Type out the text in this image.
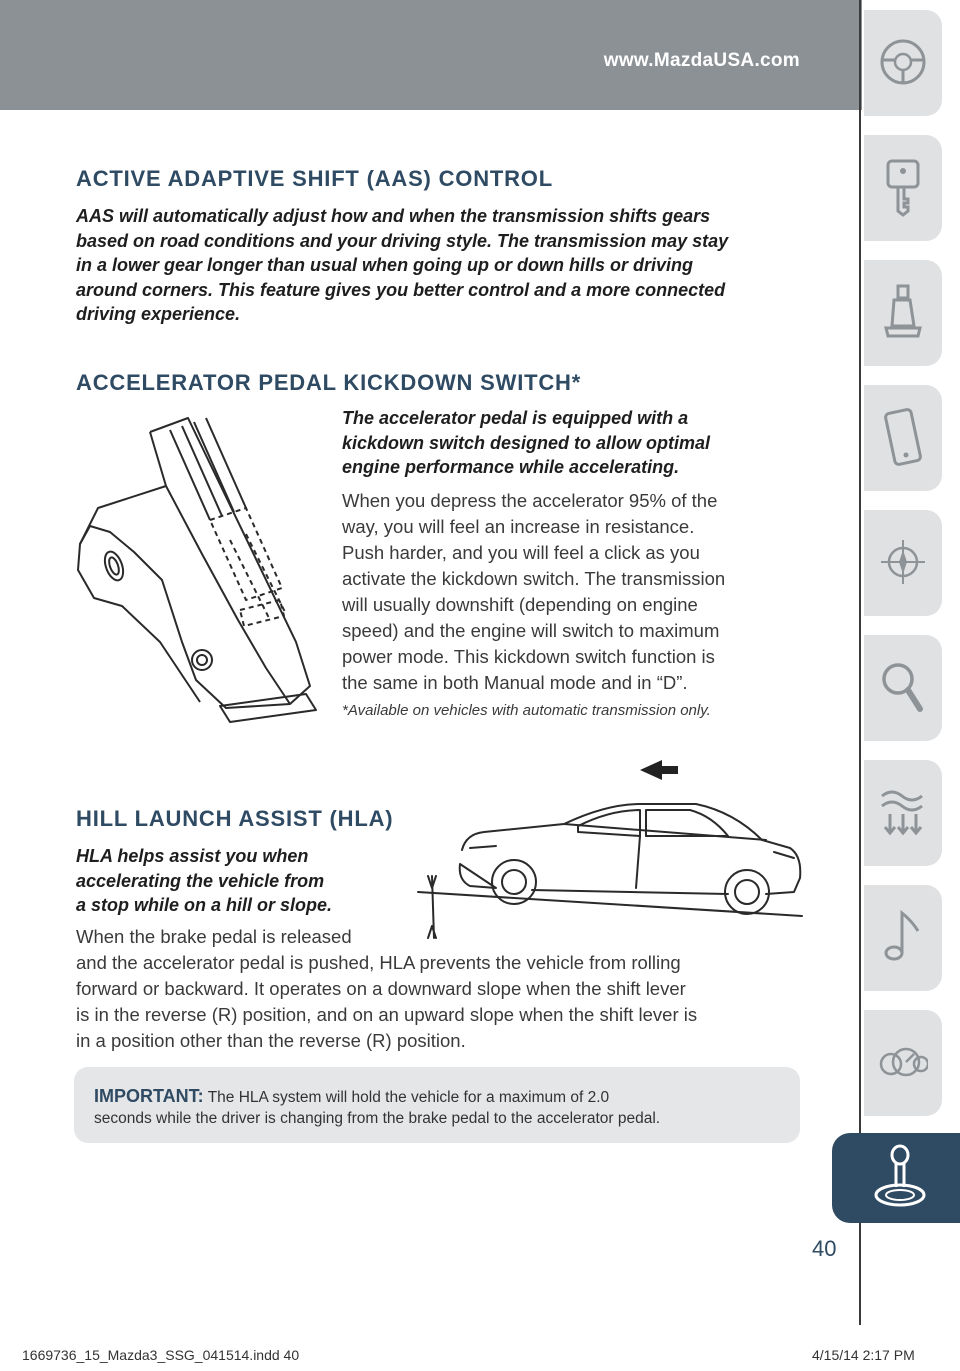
www.MazdaUSA.com
40
ACTIVE ADAPTIVE SHIFT (AAS) CONTROL
AAS will automatically adjust how and when the transmission shifts gears
based on road conditions and your driving style. The transmission may stay
in a lower gear longer than usual when going up or down hills or driving
around corners. This feature gives you better control and a more connected
driving experience.
ACCELERATOR PEDAL KICKDOWN SWITCH*
The accelerator pedal is equipped with a
kickdown switch designed to allow optimal
engine performance while accelerating.
When you depress the accelerator 95% of the
way, you will feel an increase in resistance.
Push harder, and you will feel a click as you
activate the kickdown switch. The transmission
will usually downshift (depending on engine
speed) and the engine will switch to maximum
power mode. This kickdown switch function is
the same in both Manual mode and in “D”.
*Available on vehicles with automatic transmission only.
HILL LAUNCH ASSIST (HLA)
HLA helps assist you when
accelerating the vehicle from
a stop while on a hill or slope.
When the brake pedal is released
and the accelerator pedal is pushed, HLA prevents the vehicle from rolling
forward or backward. It operates on a downward slope when the shift lever
is in the reverse (R) position, and on an upward slope when the shift lever is
in a position other than the reverse (R) position.

IMPORTANT: The HLA system will hold the vehicle for a maximum of 2.0
seconds while the driver is changing from the brake pedal to the accelerator pedal.

1669736_15_Mazda3_SSG_041514.indd 40	4/15/14 2:17 PM
